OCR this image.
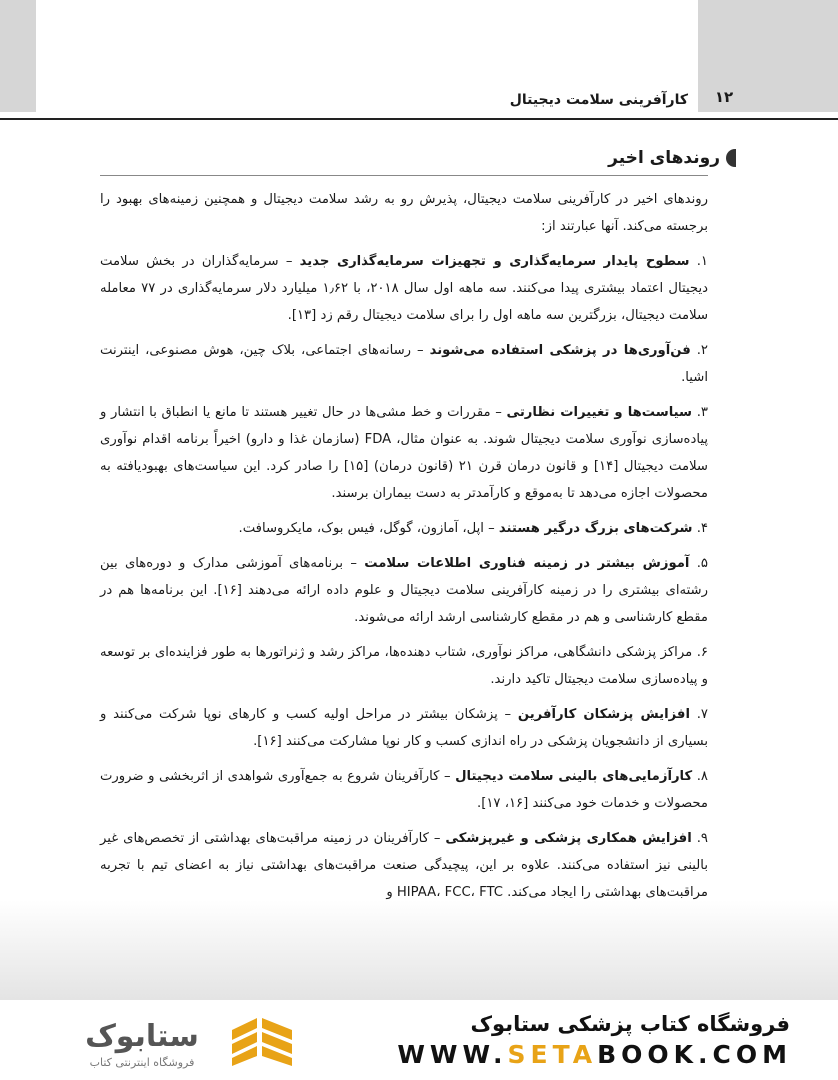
۱۲
کارآفرینی سلامت دیجیتال
روندهای اخیر

روندهای اخیر در کارآفرینی سلامت دیجیتال، پذیرش رو به رشد سلامت دیجیتال و همچنین زمینه‌های بهبود را برجسته می‌کند. آنها عبارتند از:

۱. سطوح پایدار سرمایه‌گذاری و تجهیزات سرمایه‌گذاری جدید – سرمایه‌گذاران در بخش سلامت دیجیتال اعتماد بیشتری پیدا می‌کنند. سه ماهه اول سال ۲۰۱۸، با ۱٫۶۲ میلیارد دلار سرمایه‌گذاری در ۷۷ معامله سلامت دیجیتال، بزرگترین سه ماهه اول را برای سلامت دیجیتال رقم زد [۱۳].

۲. فن‌آوری‌ها در پزشکی استفاده می‌شوند – رسانه‌های اجتماعی، بلاک چین، هوش مصنوعی، اینترنت اشیا.

۳. سیاست‌ها و تغییرات نظارتی – مقررات و خط مشی‌ها در حال تغییر هستند تا مانع یا انطباق با انتشار و پیاده‌سازی نوآوری سلامت دیجیتال شوند. به عنوان مثال، FDA (سازمان غذا و دارو) اخیراً برنامه اقدام نوآوری سلامت دیجیتال [۱۴] و قانون درمان قرن ۲۱ (قانون درمان) [۱۵] را صادر کرد. این سیاست‌های بهبودیافته به محصولات اجازه می‌دهد تا به‌موقع و کارآمدتر به دست بیماران برسند.

۴. شرکت‌های بزرگ درگیر هستند – اپل، آمازون، گوگل، فیس بوک، مایکروسافت.

۵. آموزش بیشتر در زمینه فناوری اطلاعات سلامت – برنامه‌های آموزشی مدارک و دوره‌های بین رشته‌ای بیشتری را در زمینه کارآفرینی سلامت دیجیتال و علوم داده ارائه می‌دهند [۱۶]. این برنامه‌ها هم در مقطع کارشناسی و هم در مقطع کارشناسی ارشد ارائه می‌شوند.

۶. مراکز پزشکی دانشگاهی، مراکز نوآوری، شتاب دهنده‌ها، مراکز رشد و ژنراتورها به طور فزاینده‌ای بر توسعه و پیاده‌سازی سلامت دیجیتال تاکید دارند.

۷. افزایش پزشکان کارآفرین – پزشکان بیشتر در مراحل اولیه کسب و کارهای نوپا شرکت می‌کنند و بسیاری از دانشجویان پزشکی در راه اندازی کسب و کار نوپا مشارکت می‌کنند [۱۶].

۸. کارآزمایی‌های بالینی سلامت دیجیتال – کارآفرینان شروع به جمع‌آوری شواهدی از اثربخشی و ضرورت محصولات و خدمات خود می‌کنند [۱۶، ۱۷].

۹. افزایش همکاری پزشکی و غیرپزشکی – کارآفرینان در زمینه مراقبت‌های بهداشتی از تخصص‌های غیر بالینی نیز استفاده می‌کنند. علاوه بر این، پیچیدگی صنعت مراقبت‌های بهداشتی نیاز به اعضای تیم با تجربه مراقبت‌های بهداشتی را ایجاد می‌کند. HIPAA، FCC، FTC و

ستابوک
فروشگاه اینترنتی کتاب
فروشگاه کتاب پزشکی ستابوک
WWW.SETABOOK.COM
